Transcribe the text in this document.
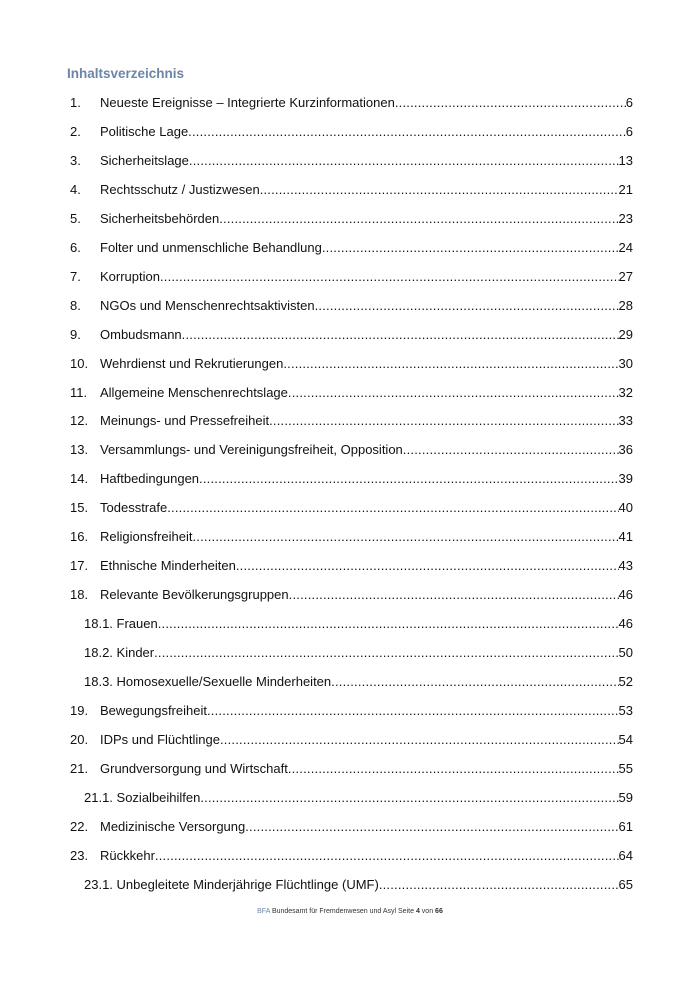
Inhaltsverzeichnis
1.	Neueste Ereignisse – Integrierte Kurzinformationen .....	6
2.	Politische Lage .....	6
3.	Sicherheitslage .....	13
4.	Rechtsschutz / Justizwesen .....	21
5.	Sicherheitsbehörden .....	23
6.	Folter und unmenschliche Behandlung .....	24
7.	Korruption .....	27
8.	NGOs und Menschenrechtsaktivisten .....	28
9.	Ombudsmann .....	29
10. Wehrdienst und Rekrutierungen .....	30
11. Allgemeine Menschenrechtslage .....	32
12. Meinungs- und Pressefreiheit .....	33
13. Versammlungs- und Vereinigungsfreiheit, Opposition .....	36
14. Haftbedingungen .....	39
15. Todesstrafe .....	40
16. Religionsfreiheit .....	41
17. Ethnische Minderheiten .....	43
18. Relevante Bevölkerungsgruppen .....	46
18.1. Frauen .....	46
18.2. Kinder .....	50
18.3. Homosexuelle/Sexuelle Minderheiten .....	52
19. Bewegungsfreiheit .....	53
20. IDPs und Flüchtlinge .....	54
21. Grundversorgung und Wirtschaft .....	55
21.1. Sozialbeihilfen .....	59
22. Medizinische Versorgung .....	61
23. Rückkehr .....	64
23.1. Unbegleitete Minderjährige Flüchtlinge (UMF) .....	65
BFA Bundesamt für Fremdenwesen und Asyl Seite 4 von 66
